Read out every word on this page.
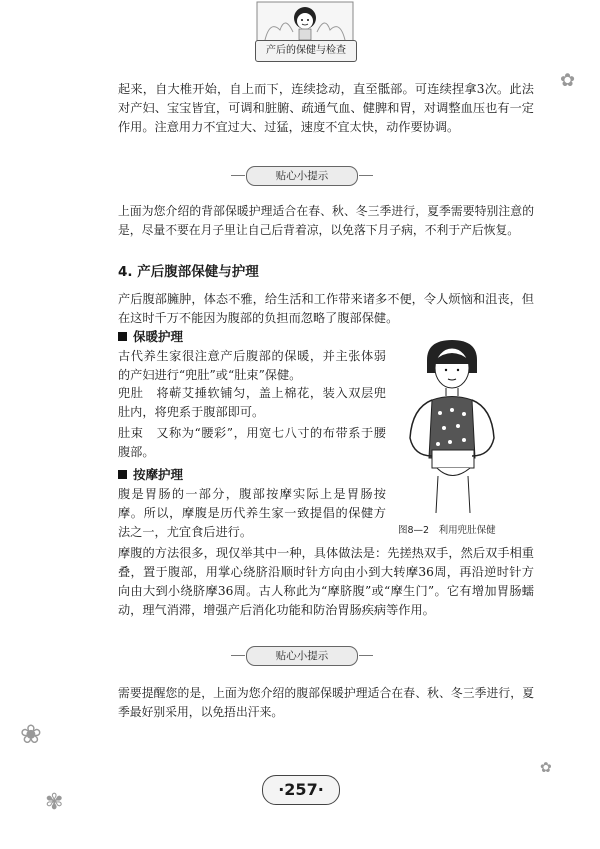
产后的保健与检查
✿
❀
✾
✿

起来，自大椎开始，自上而下，连续捻动，直至骶部。可连续捏拿3次。此法对产妇、宝宝皆宜，可调和脏腑、疏通气血、健脾和胃，对调整血压也有一定作用。注意用力不宜过大、过猛，速度不宜太快，动作要协调。

贴心小提示

上面为您介绍的背部保暖护理适合在春、秋、冬三季进行，夏季需要特别注意的是，尽量不要在月子里让自己后背着凉，以免落下月子病，不利于产后恢复。

4. 产后腹部保健与护理

产后腹部臃肿，体态不雅，给生活和工作带来诸多不便，令人烦恼和沮丧，但在这时千万不能因为腹部的负担而忽略了腹部保健。

保暖护理

古代养生家很注意产后腹部的保暖，并主张体弱的产妇进行“兜肚”或“肚束”保健。

兜肚　将蕲艾捶软铺匀，盖上棉花，装入双层兜肚内，将兜系于腹部即可。

肚束　又称为“腰彩”，用宽七八寸的布带系于腰腹部。

按摩护理

腹是胃肠的一部分，腹部按摩实际上是胃肠按摩。所以，摩腹是历代养生家一致提倡的保健方法之一，尤宜食后进行。	图8—2　利用兜肚保健

摩腹的方法很多，现仅举其中一种，具体做法是：先搓热双手，然后双手相重叠，置于腹部，用掌心绕脐沿顺时针方向由小到大转摩36周，再沿逆时针方向由大到小绕脐摩36周。古人称此为“摩脐腹”或“摩生门”。它有增加胃肠蠕动，理气消滞，增强产后消化功能和防治胃肠疾病等作用。

贴心小提示

需要提醒您的是，上面为您介绍的腹部保暖护理适合在春、秋、冬三季进行，夏季最好别采用，以免捂出汗来。

·257·
